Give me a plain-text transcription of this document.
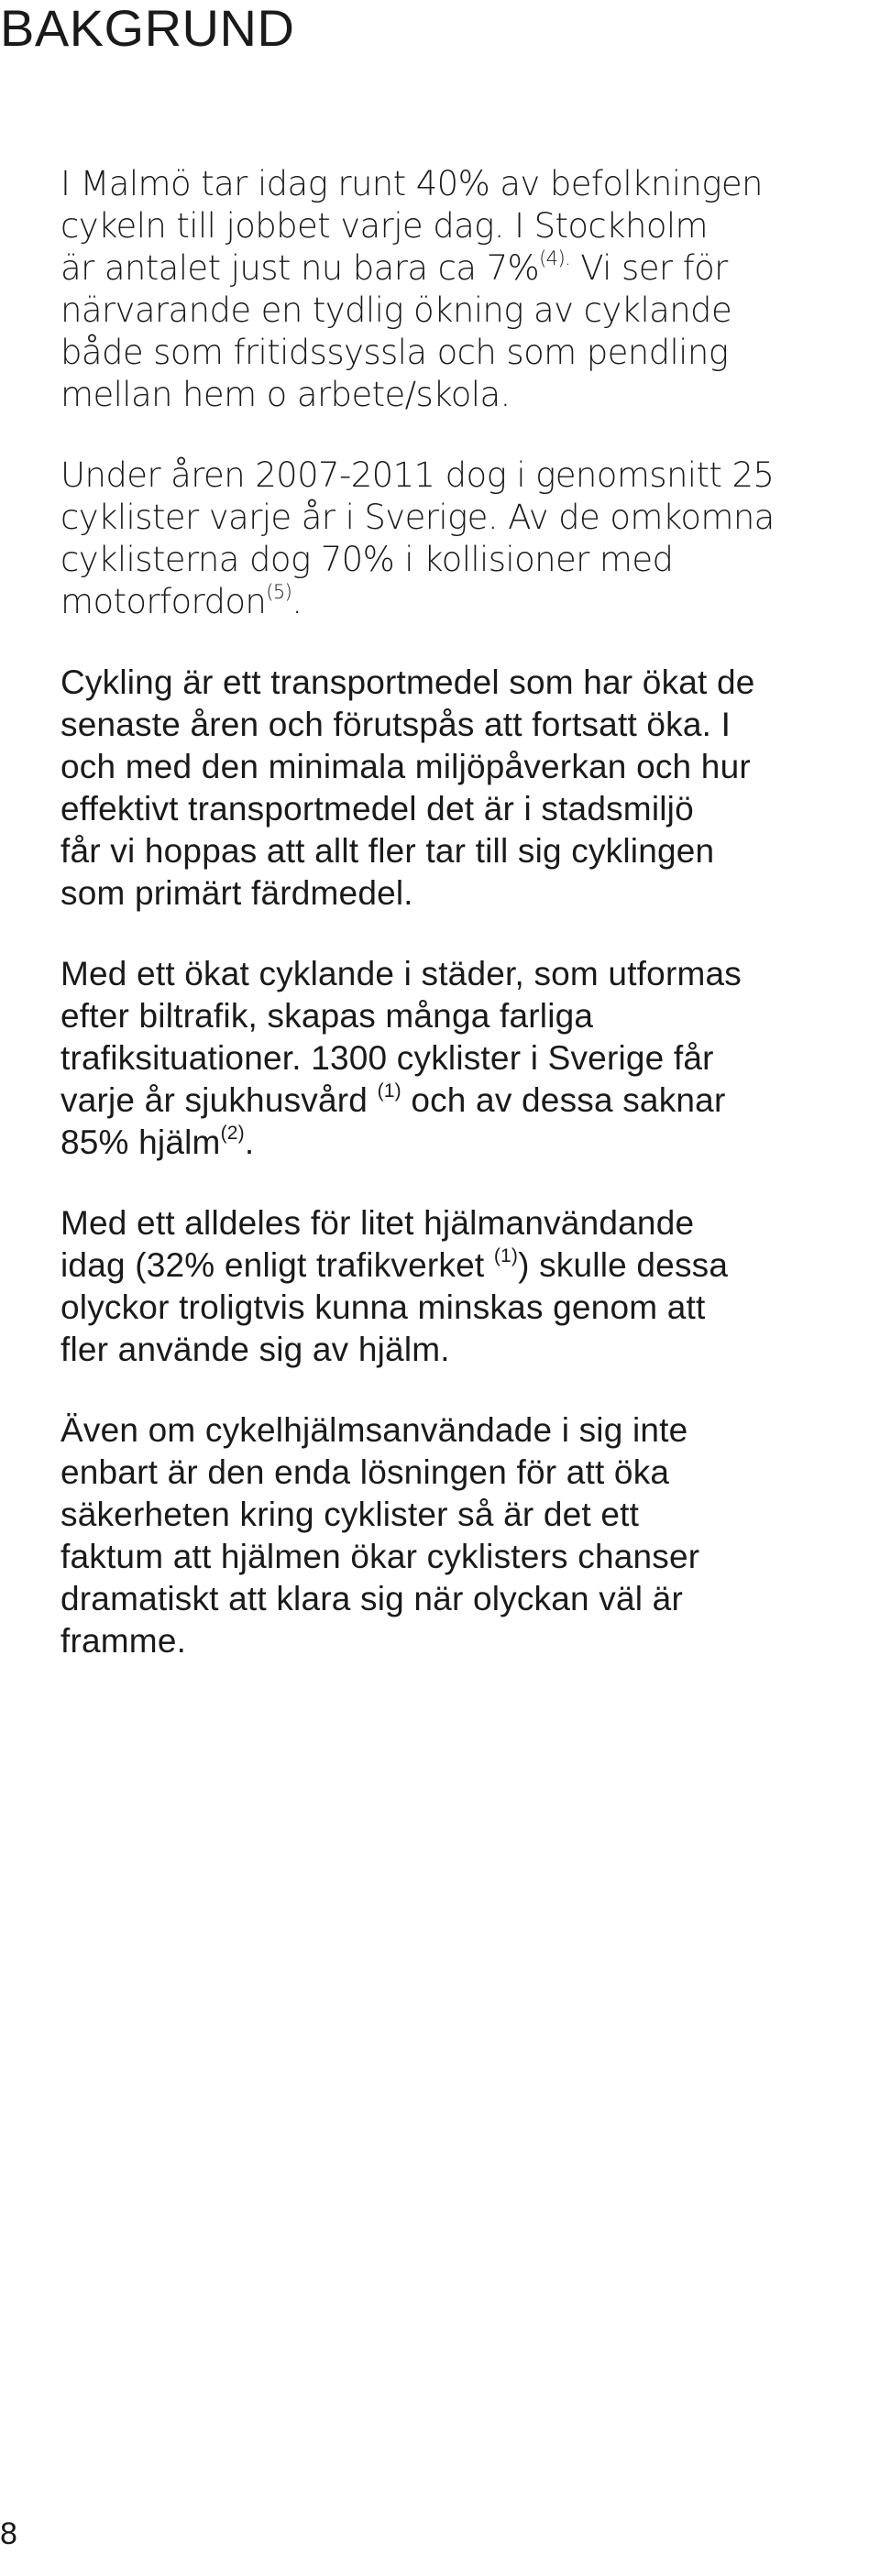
BAKGRUND

I Malmö tar idag runt 40% av befolkningen
cykeln till jobbet varje dag. I Stockholm
är antalet just nu bara ca 7%$^{(4).}$ Vi ser för
närvarande en tydlig ökning av cyklande
både som fritidssyssla och som pendling
mellan hem o arbete/skola.

Under åren 2007-2011 dog i genomsnitt 25
cyklister varje år i Sverige. Av de omkomna
cyklisterna dog 70% i kollisioner med
motorfordon$^{(5)}$.

Cykling är ett transportmedel som har ökat de
senaste åren och förutspås att fortsatt öka. I
och med den minimala miljöpåverkan och hur
effektivt transportmedel det är i stadsmiljö
får vi hoppas att allt fler tar till sig cyklingen
som primärt färdmedel.

Med ett ökat cyklande i städer, som utformas
efter biltrafik, skapas många farliga
trafiksituationer. 1300 cyklister i Sverige får
varje år sjukhusvård $^{(1)}$ och av dessa saknar
85% hjälm$^{(2)}$.

Med ett alldeles för litet hjälmanvändande
idag (32% enligt trafikverket $^{(1)}$) skulle dessa
olyckor troligtvis kunna minskas genom att
fler använde sig av hjälm.

Även om cykelhjälmsanvändade i sig inte
enbart är den enda lösningen för att öka
säkerheten kring cyklister så är det ett
faktum att hjälmen ökar cyklisters chanser
dramatiskt att klara sig när olyckan väl är
framme.

8
